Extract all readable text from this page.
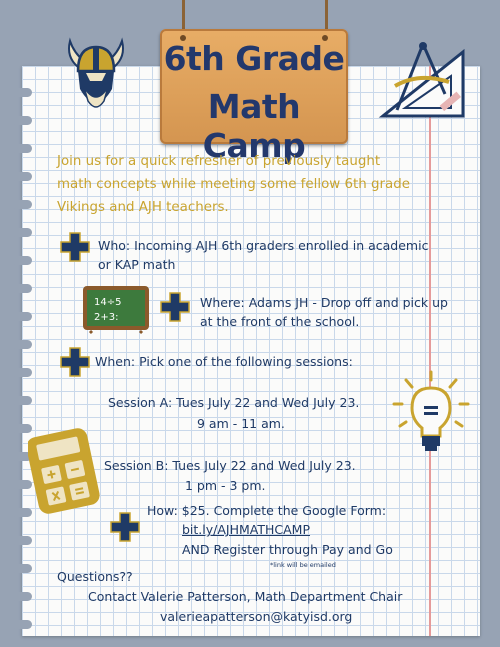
6th Grade
Math Camp
Join us for a quick refresher of previously taught
math concepts while meeting some fellow 6th grade
Vikings and AJH teachers.
Who: Incoming AJH 6th graders enrolled in academic
or KAP math
14÷5
2+3:
Where: Adams JH - Drop off and pick up
at the front of the school.
When: Pick one of the following sessions:
Session A: Tues July 22 and Wed July 23.
9 am - 11 am.
Session B: Tues July 22 and Wed July 23.
1 pm - 3 pm.
How: $25. Complete the Google Form:
bit.ly/AJHMATHCAMP
AND Register through Pay and Go
*link will be emailed
Questions??
Contact Valerie Patterson, Math Department Chair
valerieapatterson@katyisd.org
